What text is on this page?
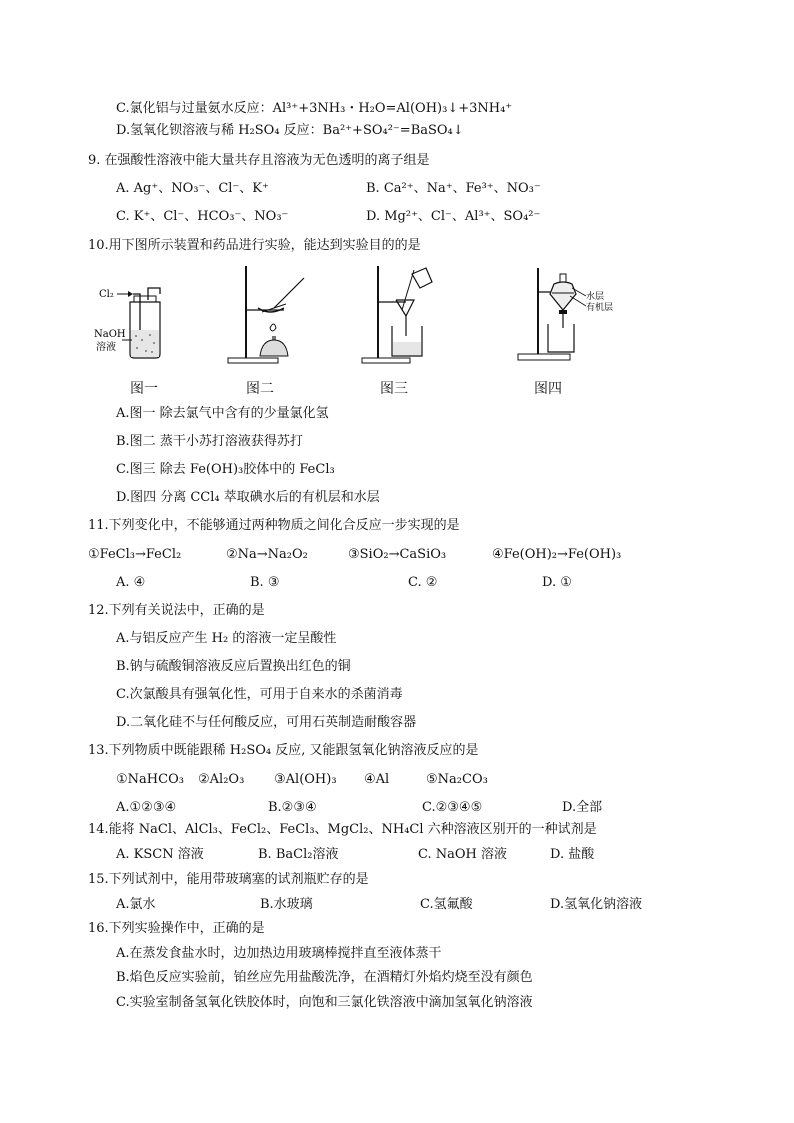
C.氯化铝与过量氨水反应：Al³⁺+3NH₃・H₂O=Al(OH)₃↓+3NH₄⁺
D.氢氧化钡溶液与稀 H₂SO₄ 反应：Ba²⁺+SO₄²⁻=BaSO₄↓
9. 在强酸性溶液中能大量共存且溶液为无色透明的离子组是
A. Ag⁺、NO₃⁻、Cl⁻、K⁺	B. Ca²⁺、Na⁺、Fe³⁺、NO₃⁻
C. K⁺、Cl⁻、HCO₃⁻、NO₃⁻	D. Mg²⁺、Cl⁻、Al³⁺、SO₄²⁻
10.用下图所示装置和药品进行实验，能达到实验目的的是
Cl₂
NaOH
溶液
水层
有机层
图一	图二	图三	图四
A.图一 除去氯气中含有的少量氯化氢
B.图二 蒸干小苏打溶液获得苏打
C.图三 除去 Fe(OH)₃胶体中的 FeCl₃
D.图四 分离 CCl₄ 萃取碘水后的有机层和水层
11.下列变化中，不能够通过两种物质之间化合反应一步实现的是
①FeCl₃→FeCl₂	②Na→Na₂O₂	③SiO₂→CaSiO₃	④Fe(OH)₂→Fe(OH)₃
A. ④	B. ③	C. ②	D. ①
12.下列有关说法中，正确的是
A.与铝反应产生 H₂ 的溶液一定呈酸性
B.钠与硫酸铜溶液反应后置换出红色的铜
C.次氯酸具有强氧化性，可用于自来水的杀菌消毒
D.二氧化硅不与任何酸反应，可用石英制造耐酸容器
13.下列物质中既能跟稀 H₂SO₄ 反应, 又能跟氢氧化钠溶液反应的是
①NaHCO₃ ②Al₂O₃ ③Al(OH)₃ ④Al	⑤Na₂CO₃
A.①②③④	B.②③④	C.②③④⑤	D.全部
14.能将 NaCl、AlCl₃、FeCl₂、FeCl₃、MgCl₂、NH₄Cl 六种溶液区别开的一种试剂是
A. KSCN 溶液	B. BaCl₂溶液	C. NaOH 溶液	D. 盐酸
15.下列试剂中，能用带玻璃塞的试剂瓶贮存的是
A.氯水	B.水玻璃	C.氢氟酸	D.氢氧化钠溶液
16.下列实验操作中，正确的是
A.在蒸发食盐水时，边加热边用玻璃棒搅拌直至液体蒸干
B.焰色反应实验前，铂丝应先用盐酸洗净，在酒精灯外焰灼烧至没有颜色
C.实验室制备氢氧化铁胶体时，向饱和三氯化铁溶液中滴加氢氧化钠溶液
